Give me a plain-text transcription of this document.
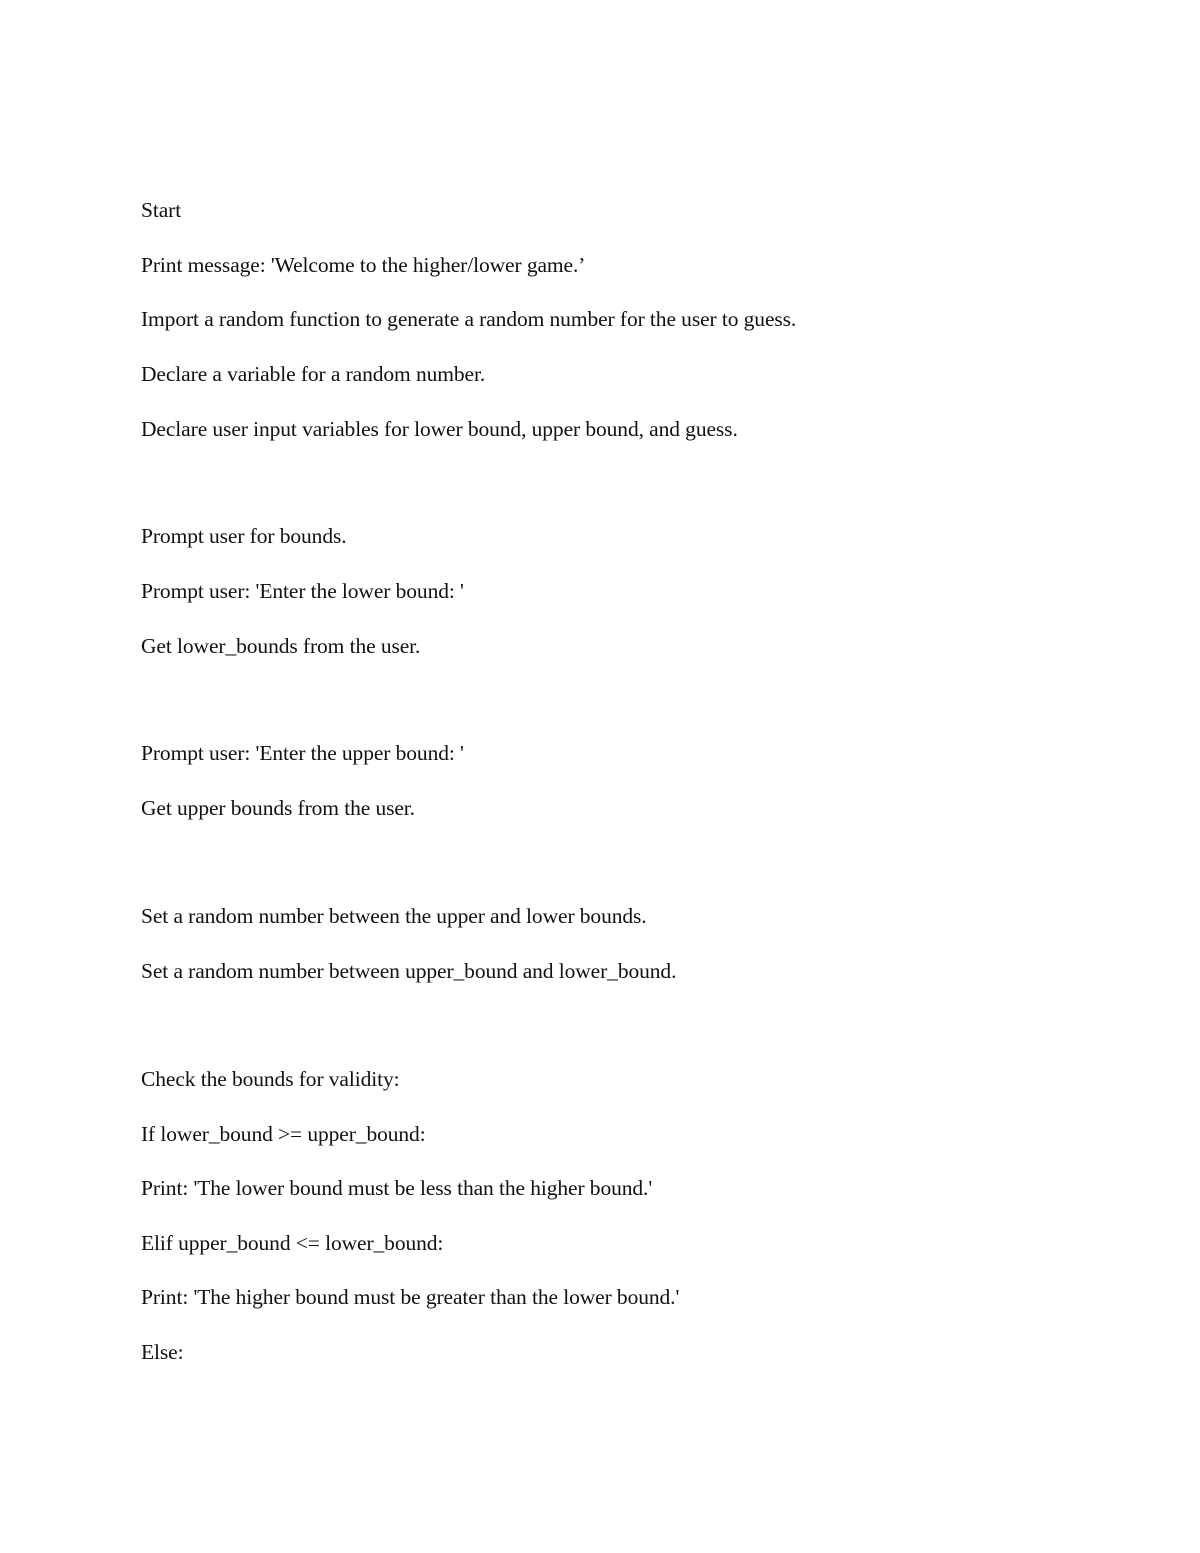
Start

Print message: 'Welcome to the higher/lower game.’

Import a random function to generate a random number for the user to guess.

Declare a variable for a random number.

Declare user input variables for lower bound, upper bound, and guess.

Prompt user for bounds.

Prompt user: 'Enter the lower bound: '

Get lower_bounds from the user.

Prompt user: 'Enter the upper bound: '

Get upper bounds from the user.

Set a random number between the upper and lower bounds.

Set a random number between upper_bound and lower_bound.

Check the bounds for validity:

If lower_bound >= upper_bound:

Print: 'The lower bound must be less than the higher bound.'

Elif upper_bound <= lower_bound:

Print: 'The higher bound must be greater than the lower bound.'

Else:
